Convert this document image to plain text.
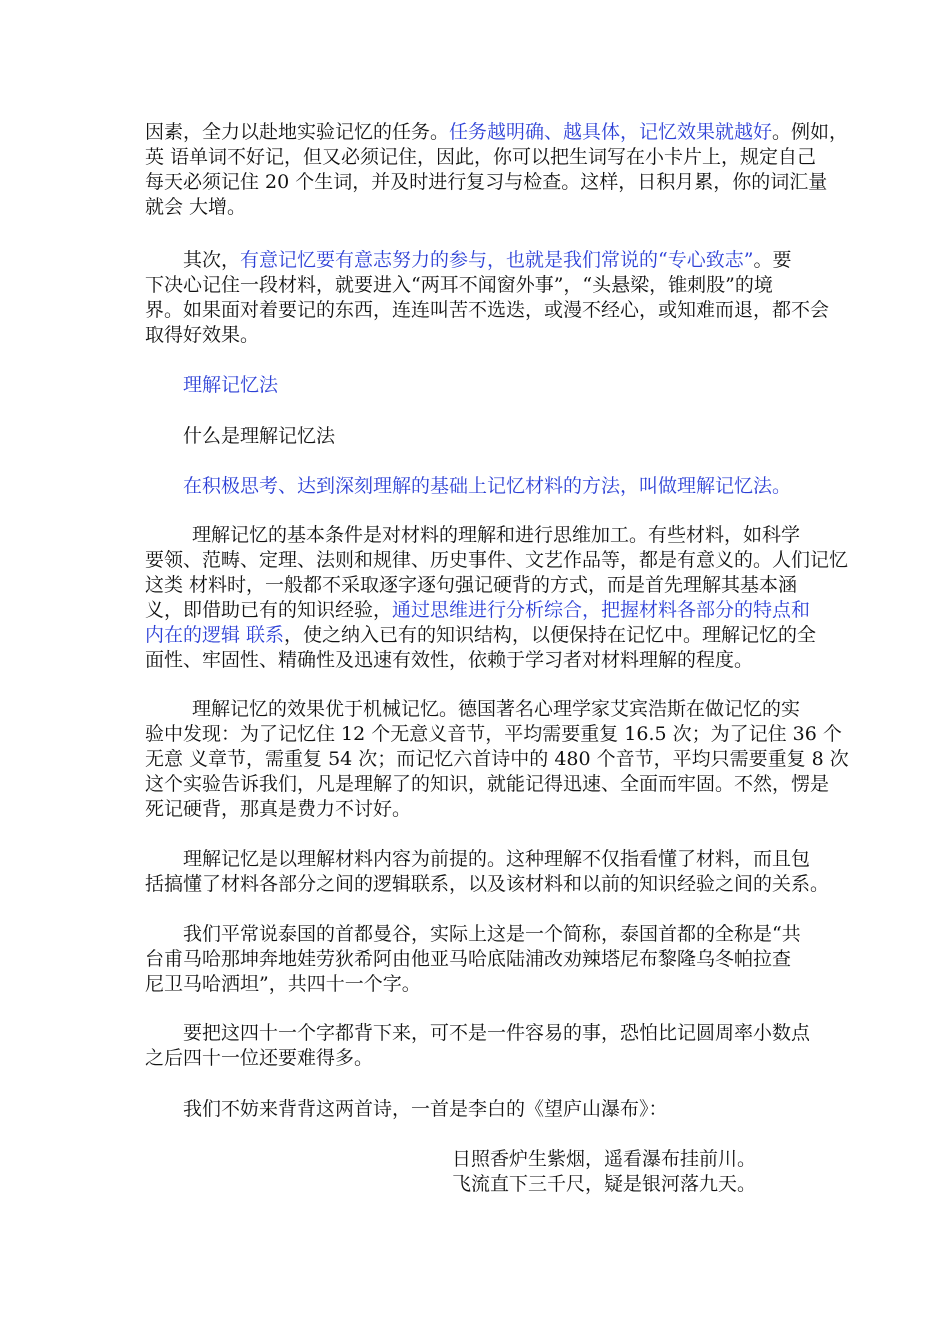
因素，全力以赴地实验记忆的任务。任务越明确、越具体，记忆效果就越好。例如，
英 语单词不好记，但又必须记住，因此，你可以把生词写在小卡片上，规定自己
每天必须记住 20 个生词，并及时进行复习与检查。这样，日积月累，你的词汇量
就会 大增。
其次，有意记忆要有意志努力的参与，也就是我们常说的“专心致志”。要
下决心记住一段材料，就要进入“两耳不闻窗外事”，“头悬梁，锥刺股”的境
界。如果面对着要记的东西，连连叫苦不选迭，或漫不经心，或知难而退，都不会
取得好效果。
理解记忆法
什么是理解记忆法
在积极思考、达到深刻理解的基础上记忆材料的方法，叫做理解记忆法。
理解记忆的基本条件是对材料的理解和进行思维加工。有些材料，如科学
要领、范畴、定理、法则和规律、历史事件、文艺作品等，都是有意义的。人们记忆
这类 材料时，一般都不采取逐字逐句强记硬背的方式，而是首先理解其基本涵
义，即借助已有的知识经验，通过思维进行分析综合，把握材料各部分的特点和
内在的逻辑 联系，使之纳入已有的知识结构，以便保持在记忆中。理解记忆的全
面性、牢固性、精确性及迅速有效性，依赖于学习者对材料理解的程度。
理解记忆的效果优于机械记忆。德国著名心理学家艾宾浩斯在做记忆的实
验中发现：为了记忆住 12 个无意义音节，平均需要重复 16.5 次；为了记住 36 个
无意 义章节，需重复 54 次；而记忆六首诗中的 480 个音节，平均只需要重复 8 次
这个实验告诉我们，凡是理解了的知识，就能记得迅速、全面而牢固。不然，愣是
死记硬背，那真是费力不讨好。
理解记忆是以理解材料内容为前提的。这种理解不仅指看懂了材料，而且包
括搞懂了材料各部分之间的逻辑联系，以及该材料和以前的知识经验之间的关系。
我们平常说泰国的首都曼谷，实际上这是一个简称，泰国首都的全称是“共
台甫马哈那坤奔地娃劳狄希阿由他亚马哈底陆浦改劝辣塔尼布黎隆乌冬帕拉查
尼卫马哈洒坦”，共四十一个字。
要把这四十一个字都背下来，可不是一件容易的事，恐怕比记圆周率小数点
之后四十一位还要难得多。
我们不妨来背背这两首诗，一首是李白的《望庐山瀑布》：
日照香炉生紫烟，遥看瀑布挂前川。
飞流直下三千尺，疑是银河落九天。
